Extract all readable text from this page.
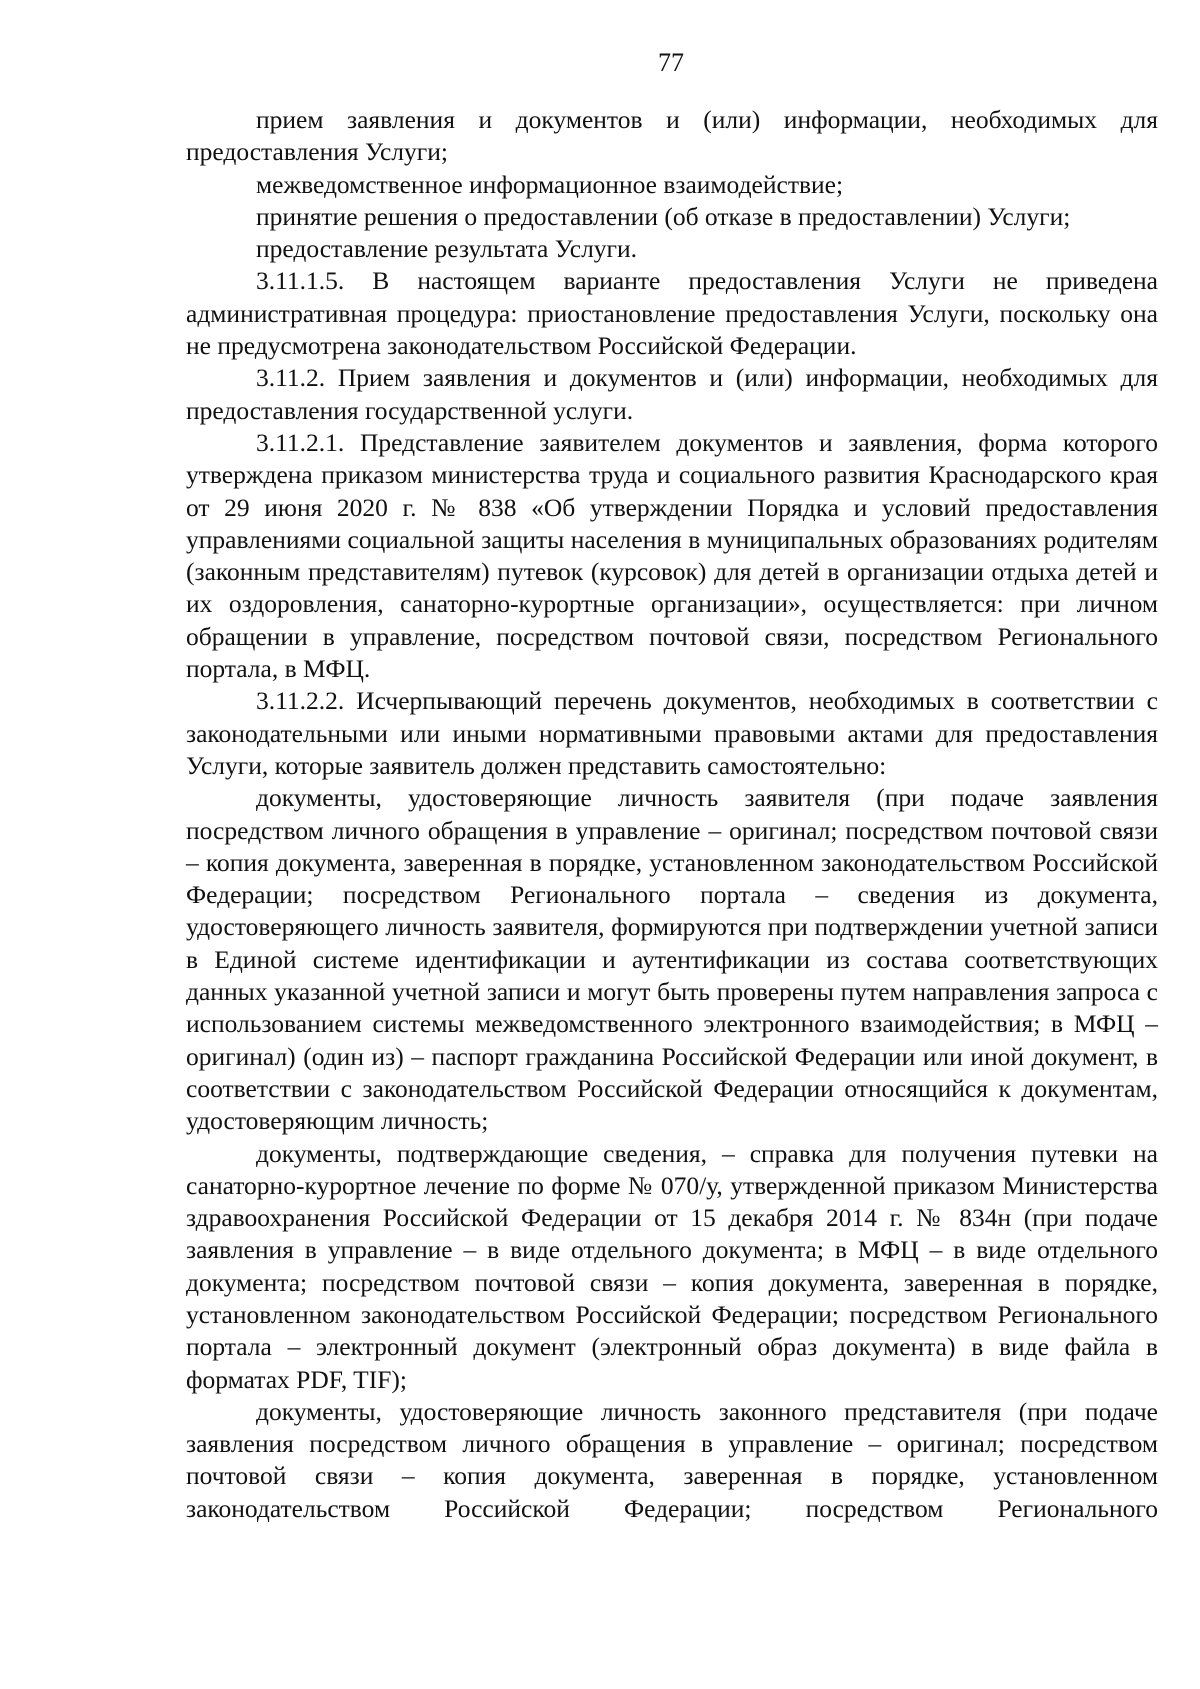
77

прием заявления и документов и (или) информации, необходимых для предоставления Услуги;

межведомственное информационное взаимодействие;

принятие решения о предоставлении (об отказе в предоставлении) Услуги;

предоставление результата Услуги.

3.11.1.5. В настоящем варианте предоставления Услуги не приведена административная процедура: приостановление предоставления Услуги, поскольку она не предусмотрена законодательством Российской Федерации.

3.11.2. Прием заявления и документов и (или) информации, необходимых для предоставления государственной услуги.

3.11.2.1. Представление заявителем документов и заявления, форма которого утверждена приказом министерства труда и социального развития Краснодарского края от 29 июня 2020 г. № 838 «Об утверждении Порядка и условий предоставления управлениями социальной защиты населения в муниципальных образованиях родителям (законным представителям) путевок (курсовок) для детей в организации отдыха детей и их оздоровления, санаторно-курортные организации», осуществляется: при личном обращении в управление, посредством почтовой связи, посредством Регионального портала, в МФЦ.

3.11.2.2. Исчерпывающий перечень документов, необходимых в соответствии с законодательными или иными нормативными правовыми актами для предоставления Услуги, которые заявитель должен представить самостоятельно:

документы, удостоверяющие личность заявителя (при подаче заявления посредством личного обращения в управление – оригинал; посредством почтовой связи – копия документа, заверенная в порядке, установленном законодательством Российской Федерации; посредством Регионального портала – сведения из документа, удостоверяющего личность заявителя, формируются при подтверждении учетной записи в Единой системе идентификации и аутентификации из состава соответствующих данных указанной учетной записи и могут быть проверены путем направления запроса с использованием системы межведомственного электронного взаимодействия; в МФЦ – оригинал) (один из) – паспорт гражданина Российской Федерации или иной документ, в соответствии с законодательством Российской Федерации относящийся к документам, удостоверяющим личность;

документы, подтверждающие сведения, – справка для получения путевки на санаторно-курортное лечение по форме № 070/у, утвержденной приказом Министерства здравоохранения Российской Федерации от 15 декабря 2014 г. № 834н (при подаче заявления в управление – в виде отдельного документа; в МФЦ – в виде отдельного документа; посредством почтовой связи – копия документа, заверенная в порядке, установленном законодательством Российской Федерации; посредством Регионального портала – электронный документ (электронный образ документа) в виде файла в форматах PDF, TIF);

документы, удостоверяющие личность законного представителя (при подаче заявления посредством личного обращения в управление – оригинал; посредством почтовой связи – копия документа, заверенная в порядке, установленном законодательством Российской Федерации; посредством Регионального
